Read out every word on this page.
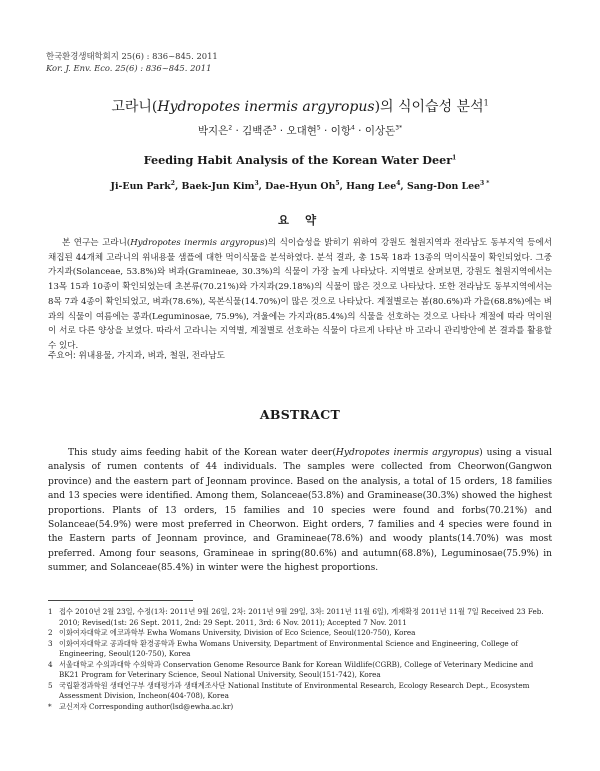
한국환경생태학회지 25(6) : 836~845. 2011
Kor. J. Env. Eco. 25(6) : 836~845. 2011
고라니(Hydropotes inermis argyropus)의 식이습성 분석$^1$
박지은$^2$ · 김백준$^3$ · 오대현$^5$ · 이항$^4$ · 이상돈$^{3*}$
Feeding Habit Analysis of the Korean Water Deer$^1$
Ji-Eun Park$^2$, Baek-Jun Kim$^3$, Dae-Hyun Oh$^5$, Hang Lee$^4$, Sang-Don Lee$^{3 *}$
요 약
본 연구는 고라니(Hydropotes inermis argyropus)의 식이습성을 밝히기 위하여 강원도 철원지역과 전라남도 동부지역 등에서 채집된 44개체 고라니의 위내용물 샘플에 대한 먹이식물을 분석하였다. 분석 결과, 총 15목 18과 13종의 먹이식물이 확인되었다. 그중 가지과(Solanceae, 53.8%)와 벼과(Gramineae, 30.3%)의 식물이 가장 높게 나타났다. 지역별로 살펴보면, 강원도 철원지역에서는 13목 15과 10종이 확인되었는데 초본류(70.21%)와 가지과(29.18%)의 식물이 많은 것으로 나타났다. 또한 전라남도 동부지역에서는 8목 7과 4종이 확인되었고, 벼과(78.6%), 목본식물(14.70%)이 많은 것으로 나타났다. 계절별로는 봄(80.6%)과 가을(68.8%)에는 벼과의 식물이 여름에는 콩과(Leguminosae, 75.9%), 겨울에는 가지과(85.4%)의 식물을 선호하는 것으로 나타나 계절에 따라 먹이원이 서로 다른 양상을 보였다. 따라서 고라니는 지역별, 계절별로 선호하는 식물이 다르게 나타난 바 고라니 관리방안에 본 결과를 활용할 수 있다.
주요어: 위내용물, 가지과, 벼과, 철원, 전라남도
ABSTRACT
This study aims feeding habit of the Korean water deer(Hydropotes inermis argyropus) using a visual analysis of rumen contents of 44 individuals. The samples were collected from Cheorwon(Gangwon province) and the eastern part of Jeonnam province. Based on the analysis, a total of 15 orders, 18 families and 13 species were identified. Among them, Solanceae(53.8%) and Graminease(30.3%) showed the highest proportions. Plants of 13 orders, 15 families and 10 species were found and forbs(70.21%) and Solanceae(54.9%) were most preferred in Cheorwon. Eight orders, 7 families and 4 species were found in the Eastern parts of Jeonnam province, and Gramineae(78.6%) and woody plants(14.70%) was most preferred. Among four seasons, Gramineae in spring(80.6%) and autumn(68.8%), Leguminosae(75.9%) in summer, and Solanceae(85.4%) in winter were the highest proportions.
1 접수 2010년 2월 23일, 수정(1차: 2011년 9월 26일, 2차: 2011년 9월 29일, 3차: 2011년 11월 6일), 게재확정 2011년 11월 7일 Received 23 Feb. 2010; Revised(1st: 26 Sept. 2011, 2nd: 29 Sept. 2011, 3rd: 6 Nov. 2011); Accepted 7 Nov. 2011
2 이화여자대학교 에코과학부 Ewha Womans University, Division of Eco Science, Seoul(120-750), Korea
3 이화여자대학교 공과대학 환경공학과 Ewha Womans University, Department of Environmental Science and Engineering, College of Engineering, Seoul(120-750), Korea
4 서울대학교 수의과대학 수의학과 Conservation Genome Resource Bank for Korean Wildlife(CGRB), College of Veterinary Medicine and BK21 Program for Veterinary Science, Seoul National University, Seoul(151-742), Korea
5 국립환경과학원 생태연구부 생태평가과 생태계조사단 National Institute of Environmental Research, Ecology Research Dept., Ecosystem Assessment Division, Incheon(404-708), Korea
*	교신저자 Corresponding author(lsd@ewha.ac.kr)
